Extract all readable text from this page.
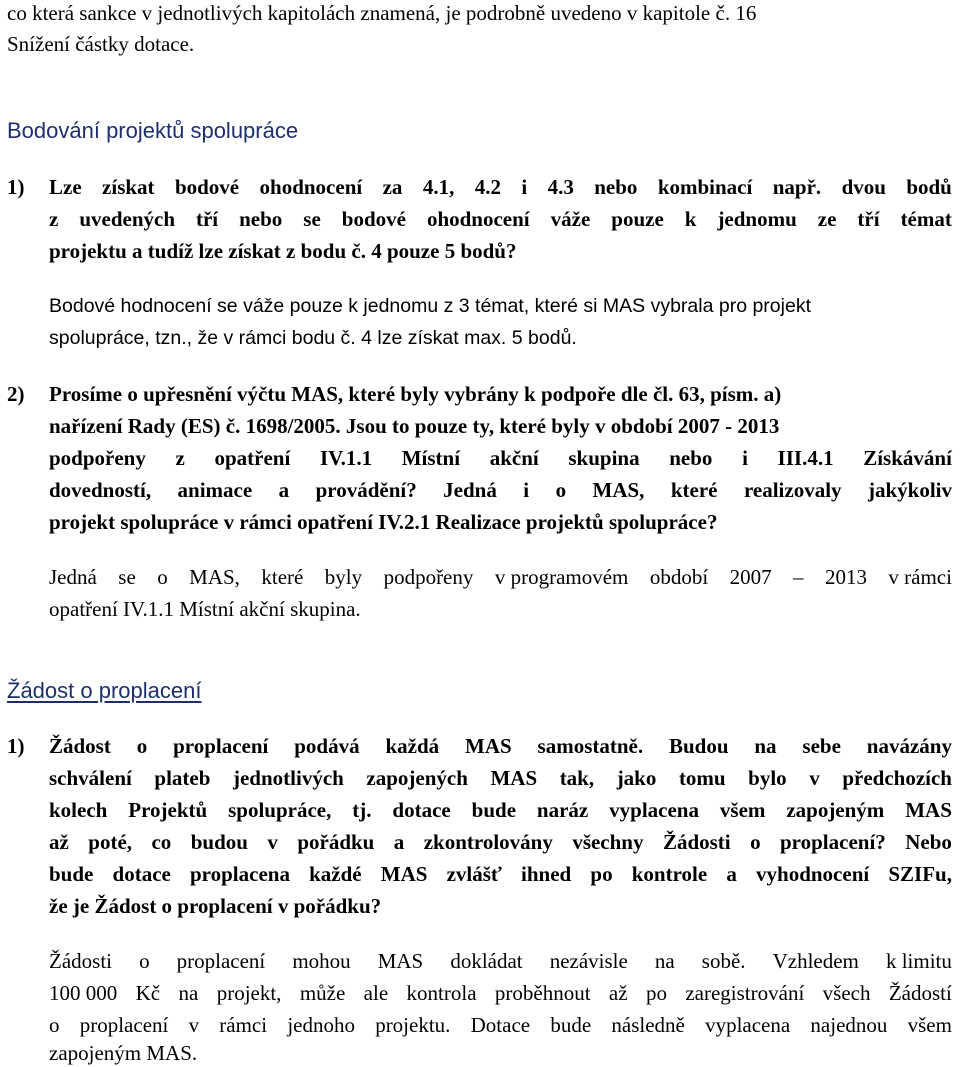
co která sankce v jednotlivých kapitolách znamená, je podrobně uvedeno v kapitole č. 16
Snížení částky dotace.
Bodování projektů spolupráce
1)	Lze získat bodové ohodnocení za 4.1, 4.2 i 4.3 nebo kombinací např. dvou bodů
z uvedených tří nebo se bodové ohodnocení váže pouze k jednomu ze tří témat
projektu a tudíž lze získat z bodu č. 4 pouze 5 bodů?
Bodové hodnocení se váže pouze k jednomu z 3 témat, které si MAS vybrala pro projekt
spolupráce, tzn., že v rámci bodu č. 4 lze získat max. 5 bodů.
2)	Prosíme o upřesnění výčtu MAS, které byly vybrány k podpoře dle čl. 63, písm. a)
nařízení Rady (ES) č. 1698/2005. Jsou to pouze ty, které byly v období 2007 - 2013
podpořeny z opatření IV.1.1 Místní akční skupina nebo i III.4.1 Získávání
dovedností, animace a provádění? Jedná i o MAS, které realizovaly jakýkoliv
projekt spolupráce v rámci opatření IV.2.1 Realizace projektů spolupráce?
Jedná se o MAS, které byly podpořeny v programovém období 2007 – 2013 v rámci
opatření IV.1.1 Místní akční skupina.
Žádost o proplacení
1)	Žádost o proplacení podává každá MAS samostatně. Budou na sebe navázány
schválení plateb jednotlivých zapojených MAS tak, jako tomu bylo v předchozích
kolech Projektů spolupráce, tj. dotace bude naráz vyplacena všem zapojeným MAS
až poté, co budou v pořádku a zkontrolovány všechny Žádosti o proplacení? Nebo
bude dotace proplacena každé MAS zvlášť ihned po kontrole a vyhodnocení SZIFu,
že je Žádost o proplacení v pořádku?
Žádosti o proplacení mohou MAS dokládat nezávisle na sobě. Vzhledem k limitu
100 000 Kč na projekt, může ale kontrola proběhnout až po zaregistrování všech Žádostí
o proplacení v rámci jednoho projektu. Dotace bude následně vyplacena najednou všem
zapojeným MAS.
